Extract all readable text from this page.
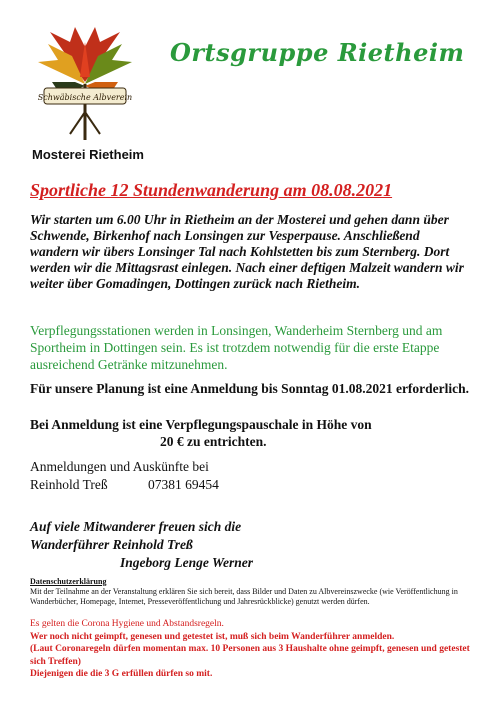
Schwäbische Albverein
Ortsgruppe Rietheim
Mosterei Rietheim
Sportliche 12 Stundenwanderung am 08.08.2021
Wir starten um 6.00 Uhr in Rietheim an der Mosterei und gehen dann über Schwende, Birkenhof nach Lonsingen zur Vesperpause. Anschließend wandern wir übers Lonsinger Tal nach Kohlstetten bis zum Sternberg. Dort werden wir die Mittagsrast einlegen. Nach einer deftigen Malzeit wandern wir weiter über Gomadingen, Dottingen zurück nach Rietheim.
Verpflegungsstationen werden in Lonsingen, Wanderheim Sternberg und am Sportheim in Dottingen sein. Es ist trotzdem notwendig für die erste Etappe ausreichend Getränke mitzunehmen.
Für unsere Planung ist eine Anmeldung bis Sonntag 01.08.2021 erforderlich.
Bei Anmeldung ist eine Verpflegungspauschale in Höhe von
20 € zu entrichten.
Anmeldungen und Auskünfte bei
Reinhold Treß	07381 69454
Auf viele Mitwanderer freuen sich die
Wanderführer Reinhold Treß
Ingeborg Lenge Werner
Datenschutzerklärung
Mit der Teilnahme an der Veranstaltung erklären Sie sich bereit, dass Bilder und Daten zu Albvereinszwecke (wie Veröffentlichung in Wanderbücher, Homepage, Internet, Presseveröffentlichung und Jahresrückblicke) genutzt werden dürfen.
Es gelten die Corona Hygiene und Abstandsregeln.
Wer noch nicht geimpft, genesen und getestet ist, muß sich beim Wanderführer anmelden.
(Laut Coronaregeln dürfen momentan max. 10 Personen aus 3 Haushalte ohne geimpft, genesen und getestet sich Treffen)
Diejenigen die die 3 G erfüllen dürfen so mit.
